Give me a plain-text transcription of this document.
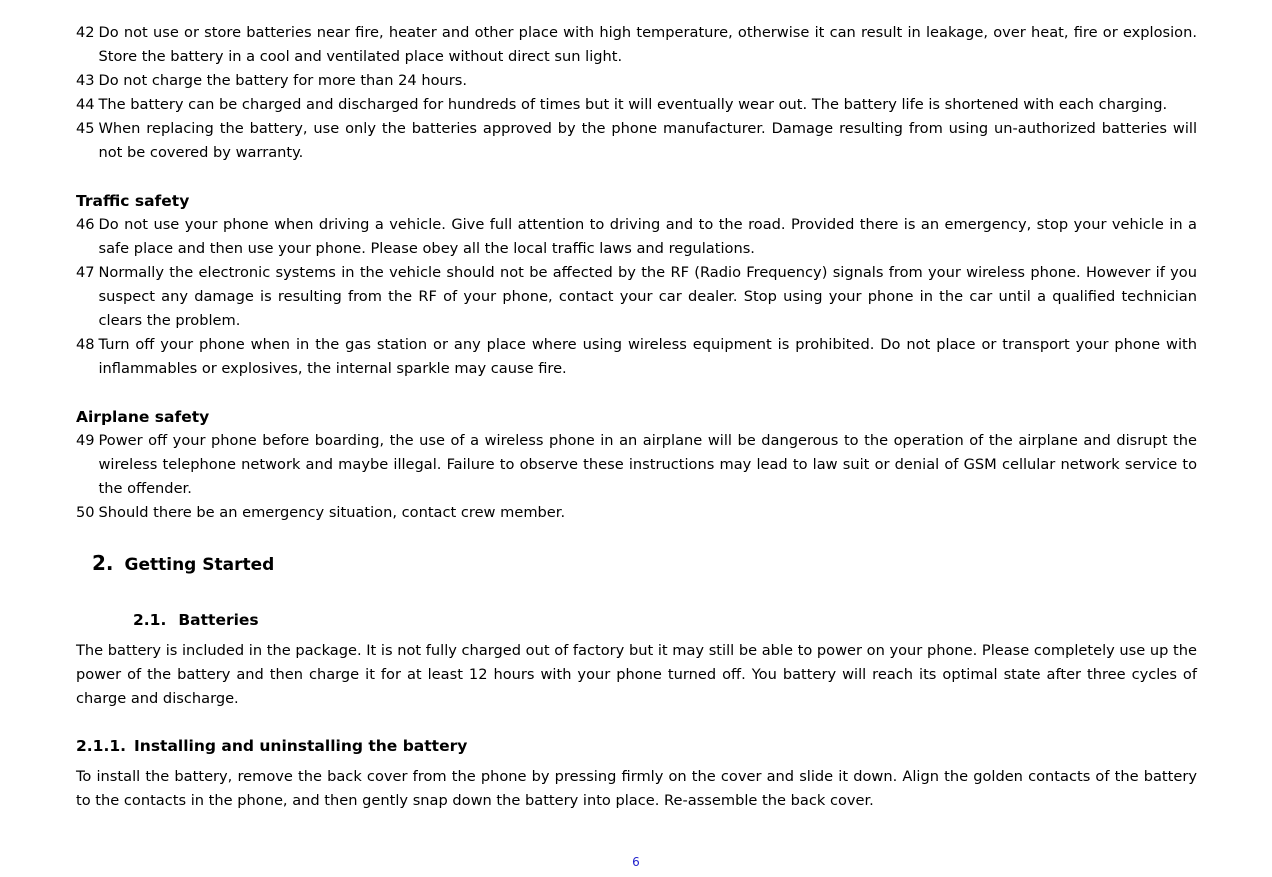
42 Do not use or store batteries near fire, heater and other place with high temperature, otherwise it can result in leakage, over heat, fire or explosion. Store the battery in a cool and ventilated place without direct sun light.
43 Do not charge the battery for more than 24 hours.
44 The battery can be charged and discharged for hundreds of times but it will eventually wear out. The battery life is shortened with each charging.
45 When replacing the battery, use only the batteries approved by the phone manufacturer. Damage resulting from using un-authorized batteries will not be covered by warranty.
Traffic safety
46 Do not use your phone when driving a vehicle. Give full attention to driving and to the road. Provided there is an emergency, stop your vehicle in a safe place and then use your phone. Please obey all the local traffic laws and regulations.
47 Normally the electronic systems in the vehicle should not be affected by the RF (Radio Frequency) signals from your wireless phone. However if you suspect any damage is resulting from the RF of your phone, contact your car dealer. Stop using your phone in the car until a qualified technician clears the problem.
48 Turn off your phone when in the gas station or any place where using wireless equipment is prohibited. Do not place or transport your phone with inflammables or explosives, the internal sparkle may cause fire.
Airplane safety
49 Power off your phone before boarding, the use of a wireless phone in an airplane will be dangerous to the operation of the airplane and disrupt the wireless telephone network and maybe illegal. Failure to observe these instructions may lead to law suit or denial of GSM cellular network service to the offender.
50 Should there be an emergency situation, contact crew member.
2. Getting Started
2.1. Batteries
The battery is included in the package. It is not fully charged out of factory but it may still be able to power on your phone. Please completely use up the power of the battery and then charge it for at least 12 hours with your phone turned off. You battery will reach its optimal state after three cycles of charge and discharge.
2.1.1. Installing and uninstalling the battery
To install the battery, remove the back cover from the phone by pressing firmly on the cover and slide it down. Align the golden contacts of the battery to the contacts in the phone, and then gently snap down the battery into place. Re-assemble the back cover.
6
